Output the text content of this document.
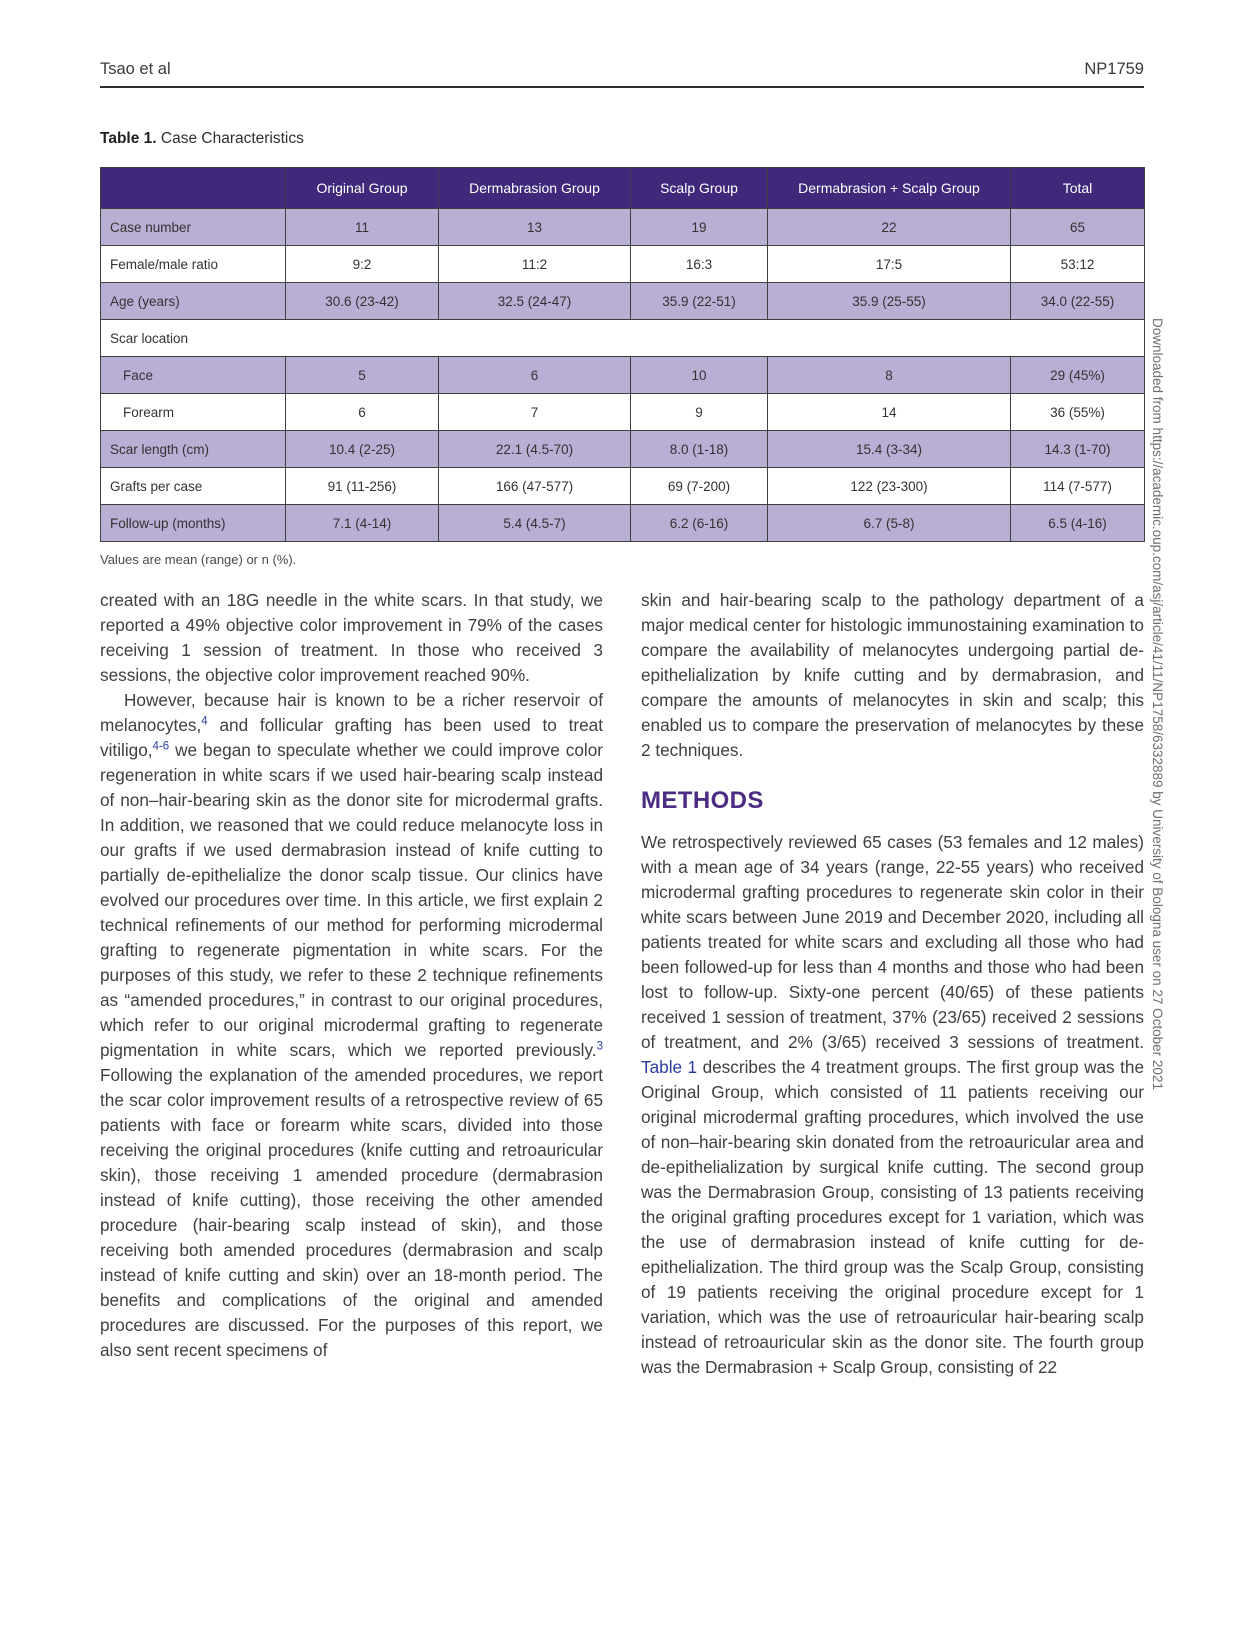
Tsao et al	NP1759
Table 1. Case Characteristics
	Original Group	Dermabrasion Group	Scalp Group	Dermabrasion + Scalp Group	Total
Case number	11	13	19	22	65
Female/male ratio	9:2	11:2	16:3	17:5	53:12
Age (years)	30.6 (23-42)	32.5 (24-47)	35.9 (22-51)	35.9 (25-55)	34.0 (22-55)
Scar location					
Face	5	6	10	8	29 (45%)
Forearm	6	7	9	14	36 (55%)
Scar length (cm)	10.4 (2-25)	22.1 (4.5-70)	8.0 (1-18)	15.4 (3-34)	14.3 (1-70)
Grafts per case	91 (11-256)	166 (47-577)	69 (7-200)	122 (23-300)	114 (7-577)
Follow-up (months)	7.1 (4-14)	5.4 (4.5-7)	6.2 (6-16)	6.7 (5-8)	6.5 (4-16)
Values are mean (range) or n (%).

created with an 18G needle in the white scars. In that study, we reported a 49% objective color improvement in 79% of the cases receiving 1 session of treatment. In those who received 3 sessions, the objective color improvement reached 90%.

However, because hair is known to be a richer reservoir of melanocytes,$^4$ and follicular grafting has been used to treat vitiligo,$^{4-6}$ we began to speculate whether we could improve color regeneration in white scars if we used hair-bearing scalp instead of non–hair-bearing skin as the donor site for microdermal grafts. In addition, we reasoned that we could reduce melanocyte loss in our grafts if we used dermabrasion instead of knife cutting to partially de-epithelialize the donor scalp tissue. Our clinics have evolved our procedures over time. In this article, we first explain 2 technical refinements of our method for performing microdermal grafting to regenerate pigmentation in white scars. For the purposes of this study, we refer to these 2 technique refinements as “amended procedures,” in contrast to our original procedures, which refer to our original microdermal grafting to regenerate pigmentation in white scars, which we reported previously.$^3$ Following the explanation of the amended procedures, we report the scar color improvement results of a retrospective review of 65 patients with face or forearm white scars, divided into those receiving the original procedures (knife cutting and retroauricular skin), those receiving 1 amended procedure (dermabrasion instead of knife cutting), those receiving the other amended procedure (hair-bearing scalp instead of skin), and those receiving both amended procedures (dermabrasion and scalp instead of knife cutting and skin) over an 18-month period. The benefits and complications of the original and amended procedures are discussed. For the purposes of this report, we also sent recent specimens of

skin and hair-bearing scalp to the pathology department of a major medical center for histologic immunostaining examination to compare the availability of melanocytes undergoing partial de-epithelialization by knife cutting and by dermabrasion, and compare the amounts of melanocytes in skin and scalp; this enabled us to compare the preservation of melanocytes by these 2 techniques.

METHODS

We retrospectively reviewed 65 cases (53 females and 12 males) with a mean age of 34 years (range, 22-55 years) who received microdermal grafting procedures to regenerate skin color in their white scars between June 2019 and December 2020, including all patients treated for white scars and excluding all those who had been followed-up for less than 4 months and those who had been lost to follow-up. Sixty-one percent (40/65) of these patients received 1 session of treatment, 37% (23/65) received 2 sessions of treatment, and 2% (3/65) received 3 sessions of treatment. Table 1 describes the 4 treatment groups. The first group was the Original Group, which consisted of 11 patients receiving our original microdermal grafting procedures, which involved the use of non–hair-bearing skin donated from the retroauricular area and de-epithelialization by surgical knife cutting. The second group was the Dermabrasion Group, consisting of 13 patients receiving the original grafting procedures except for 1 variation, which was the use of dermabrasion instead of knife cutting for de-epithelialization. The third group was the Scalp Group, consisting of 19 patients receiving the original procedure except for 1 variation, which was the use of retroauricular hair-bearing scalp instead of retroauricular skin as the donor site. The fourth group was the Dermabrasion + Scalp Group, consisting of 22

Downloaded from https://academic.oup.com/asj/article/41/11/NP1758/6332889 by University of Bologna user on 27 October 2021
